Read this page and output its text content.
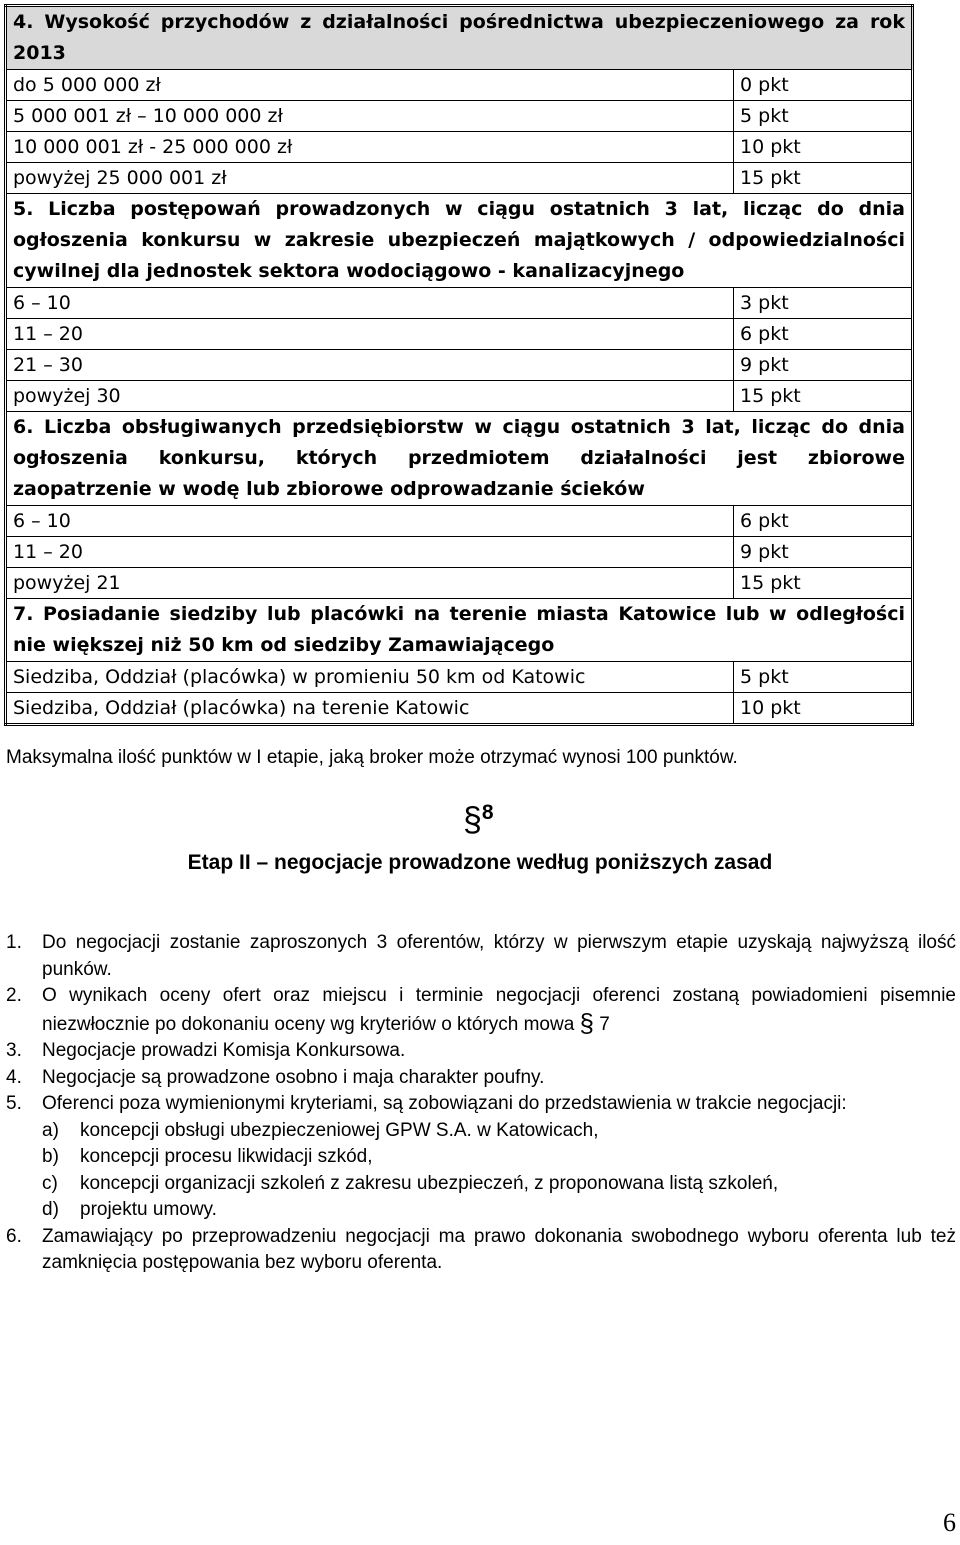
4. Wysokość przychodów z działalności pośrednictwa ubezpieczeniowego za rok 2013	
do 5 000 000 zł	0 pkt
5 000 001 zł – 10 000 000 zł	5 pkt
10 000 001 zł - 25 000 000 zł	10 pkt
powyżej 25 000 001 zł	15 pkt
5. Liczba postępowań prowadzonych w ciągu ostatnich 3 lat, licząc do dnia ogłoszenia konkursu w zakresie ubezpieczeń majątkowych / odpowiedzialności cywilnej dla jednostek sektora wodociągowo - kanalizacyjnego	
6 – 10	3 pkt
11 – 20	6 pkt
21 – 30	9 pkt
powyżej 30	15 pkt
6. Liczba obsługiwanych przedsiębiorstw w ciągu ostatnich 3 lat, licząc do dnia ogłoszenia konkursu, których przedmiotem działalności jest zbiorowe zaopatrzenie w wodę lub zbiorowe odprowadzanie ścieków	
6 – 10	6 pkt
11 – 20	9 pkt
powyżej 21	15 pkt
7. Posiadanie siedziby lub placówki na terenie miasta Katowice lub w odległości nie większej niż 50 km od siedziby Zamawiającego	
Siedziba, Oddział (placówka) w promieniu 50 km od Katowic	5 pkt
Siedziba, Oddział (placówka) na terenie Katowic	10 pkt
Maksymalna ilość punktów w I etapie, jaką broker może otrzymać wynosi 100 punktów.
§8
Etap II – negocjacje prowadzone według poniższych zasad
1. Do negocjacji zostanie zaproszonych 3 oferentów, którzy w pierwszym etapie uzyskają najwyższą ilość punków.
2. O wynikach oceny ofert oraz miejscu i terminie negocjacji oferenci zostaną powiadomieni pisemnie niezwłocznie po dokonaniu oceny wg kryteriów o których mowa § 7
3. Negocjacje prowadzi Komisja Konkursowa.
4. Negocjacje są prowadzone osobno i maja charakter poufny.
5. Oferenci poza wymienionymi kryteriami, są zobowiązani do przedstawienia w trakcie negocjacji:
a) koncepcji obsługi ubezpieczeniowej GPW S.A. w Katowicach,
b) koncepcji procesu likwidacji szkód,
c) koncepcji organizacji szkoleń z zakresu ubezpieczeń, z proponowana listą szkoleń,
d) projektu umowy.
6. Zamawiający po przeprowadzeniu negocjacji ma prawo dokonania swobodnego wyboru oferenta lub też zamknięcia postępowania bez wyboru oferenta.
6
